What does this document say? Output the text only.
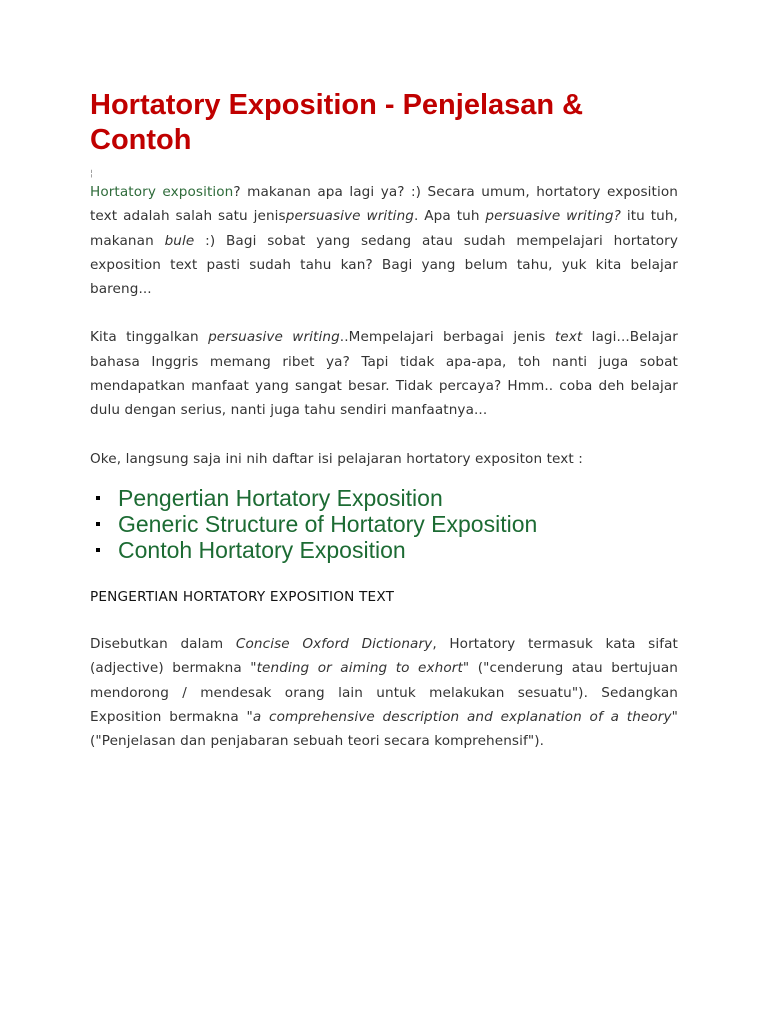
Hortatory Exposition - Penjelasan & Contoh
¦

Hortatory exposition? makanan apa lagi ya? :) Secara umum, hortatory exposition text adalah salah satu jenispersuasive writing. Apa tuh persuasive writing? itu tuh, makanan bule :) Bagi sobat yang sedang atau sudah mempelajari hortatory exposition text pasti sudah tahu kan? Bagi yang belum tahu, yuk kita belajar bareng...

Kita tinggalkan persuasive writing..Mempelajari berbagai jenis text lagi...Belajar bahasa Inggris memang ribet ya? Tapi tidak apa-apa, toh nanti juga sobat mendapatkan manfaat yang sangat besar. Tidak percaya? Hmm.. coba deh belajar dulu dengan serius, nanti juga tahu sendiri manfaatnya...

Oke, langsung saja ini nih daftar isi pelajaran hortatory expositon text :

Pengertian Hortatory Exposition
Generic Structure of Hortatory Exposition
Contoh Hortatory Exposition
PENGERTIAN HORTATORY EXPOSITION TEXT

Disebutkan dalam Concise Oxford Dictionary, Hortatory termasuk kata sifat (adjective) bermakna "tending or aiming to exhort" ("cenderung atau bertujuan mendorong / mendesak orang lain untuk melakukan sesuatu"). Sedangkan Exposition bermakna "a comprehensive description and explanation of a theory" ("Penjelasan dan penjabaran sebuah teori secara komprehensif").
